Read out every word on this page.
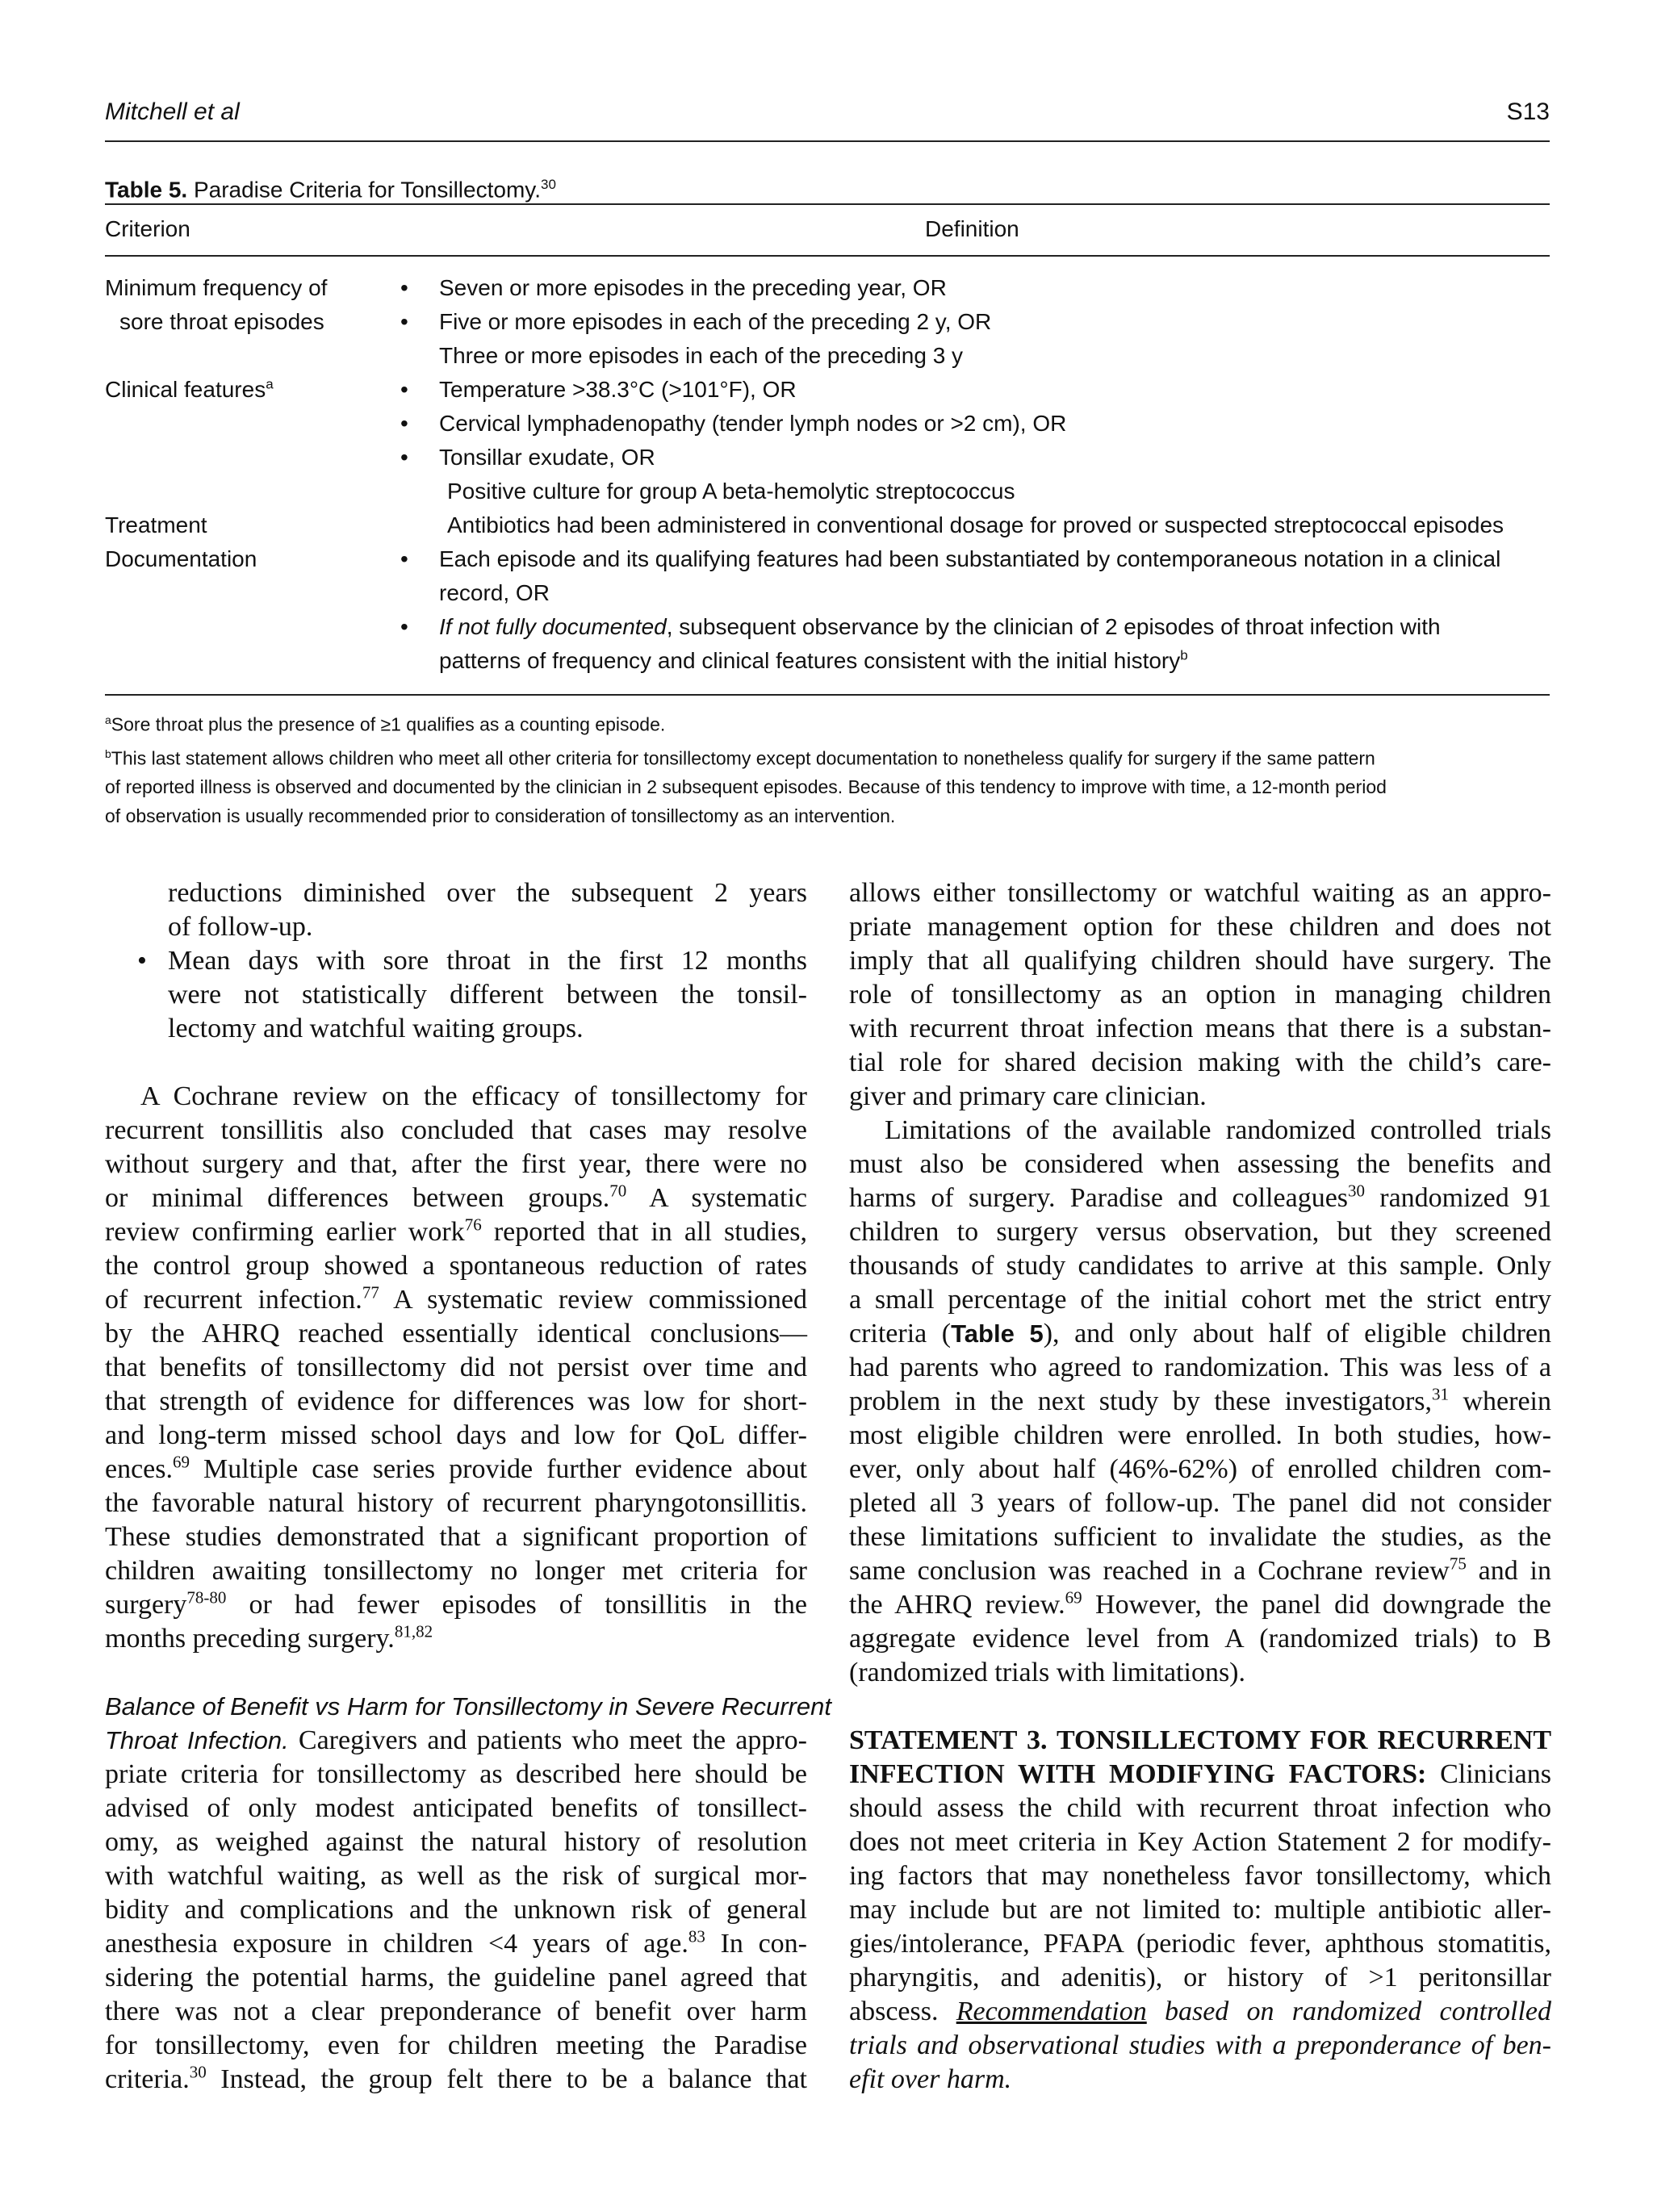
Mitchell et al	S13
Table 5. Paradise Criteria for Tonsillectomy.$^{30}$
Criterion	Definition
Minimum frequency of	• Seven or more episodes in the preceding year, OR
sore throat episodes	• Five or more episodes in each of the preceding 2 y, OR
Three or more episodes in each of the preceding 3 y
Clinical features$^a$	• Temperature >38.3°C (>101°F), OR
• Cervical lymphadenopathy (tender lymph nodes or >2 cm), OR
• Tonsillar exudate, OR
Positive culture for group A beta-hemolytic streptococcus
Treatment	Antibiotics had been administered in conventional dosage for proved or suspected streptococcal episodes
Documentation	• Each episode and its qualifying features had been substantiated by contemporaneous notation in a clinical
record, OR
• If not fully documented, subsequent observance by the clinician of 2 episodes of throat infection with
patterns of frequency and clinical features consistent with the initial history$^b$
$^a$Sore throat plus the presence of ≥1 qualifies as a counting episode.
$^b$This last statement allows children who meet all other criteria for tonsillectomy except documentation to nonetheless qualify for surgery if the same pattern
of reported illness is observed and documented by the clinician in 2 subsequent episodes. Because of this tendency to improve with time, a 12-month period
of observation is usually recommended prior to consideration of tonsillectomy as an intervention.
reductions diminished over the subsequent 2 years
of follow-up.
• Mean days with sore throat in the first 12 months
were not statistically different between the tonsil-
lectomy and watchful waiting groups.
A Cochrane review on the efficacy of tonsillectomy for
recurrent tonsillitis also concluded that cases may resolve
without surgery and that, after the first year, there were no
or minimal differences between groups.$^{70}$ A systematic
review confirming earlier work$^{76}$ reported that in all studies,
the control group showed a spontaneous reduction of rates
of recurrent infection.$^{77}$ A systematic review commissioned
by the AHRQ reached essentially identical conclusions—
that benefits of tonsillectomy did not persist over time and
that strength of evidence for differences was low for short-
and long-term missed school days and low for QoL differ-
ences.$^{69}$ Multiple case series provide further evidence about
the favorable natural history of recurrent pharyngotonsillitis.
These studies demonstrated that a significant proportion of
children awaiting tonsillectomy no longer met criteria for
surgery$^{78-80}$ or had fewer episodes of tonsillitis in the
months preceding surgery.$^{81,82}$
Balance of Benefit vs Harm for Tonsillectomy in Severe Recurrent
Throat Infection. Caregivers and patients who meet the appro-
priate criteria for tonsillectomy as described here should be
advised of only modest anticipated benefits of tonsillect-
omy, as weighed against the natural history of resolution
with watchful waiting, as well as the risk of surgical mor-
bidity and complications and the unknown risk of general
anesthesia exposure in children <4 years of age.$^{83}$ In con-
sidering the potential harms, the guideline panel agreed that
there was not a clear preponderance of benefit over harm
for tonsillectomy, even for children meeting the Paradise
criteria.$^{30}$ Instead, the group felt there to be a balance that
allows either tonsillectomy or watchful waiting as an appro-
priate management option for these children and does not
imply that all qualifying children should have surgery. The
role of tonsillectomy as an option in managing children
with recurrent throat infection means that there is a substan-
tial role for shared decision making with the child’s care-
giver and primary care clinician.
Limitations of the available randomized controlled trials
must also be considered when assessing the benefits and
harms of surgery. Paradise and colleagues$^{30}$ randomized 91
children to surgery versus observation, but they screened
thousands of study candidates to arrive at this sample. Only
a small percentage of the initial cohort met the strict entry
criteria (Table 5), and only about half of eligible children
had parents who agreed to randomization. This was less of a
problem in the next study by these investigators,$^{31}$ wherein
most eligible children were enrolled. In both studies, how-
ever, only about half (46%-62%) of enrolled children com-
pleted all 3 years of follow-up. The panel did not consider
these limitations sufficient to invalidate the studies, as the
same conclusion was reached in a Cochrane review$^{75}$ and in
the AHRQ review.$^{69}$ However, the panel did downgrade the
aggregate evidence level from A (randomized trials) to B
(randomized trials with limitations).
STATEMENT 3. TONSILLECTOMY FOR RECURRENT
INFECTION WITH MODIFYING FACTORS: Clinicians
should assess the child with recurrent throat infection who
does not meet criteria in Key Action Statement 2 for modify-
ing factors that may nonetheless favor tonsillectomy, which
may include but are not limited to: multiple antibiotic aller-
gies/intolerance, PFAPA (periodic fever, aphthous stomatitis,
pharyngitis, and adenitis), or history of >1 peritonsillar
abscess. Recommendation based on randomized controlled
trials and observational studies with a preponderance of ben-
efit over harm.
